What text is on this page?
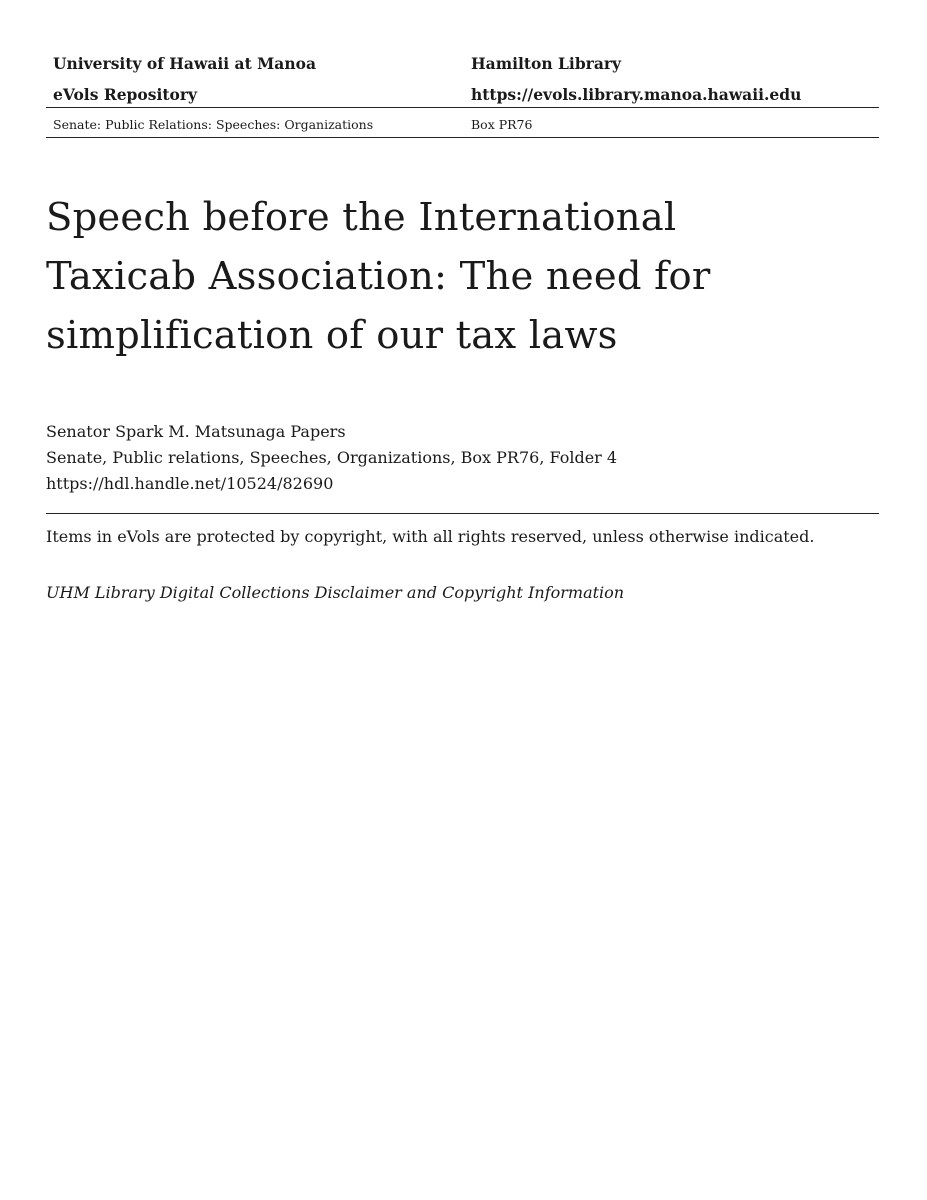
University of Hawaii at Manoa	Hamilton Library
eVols Repository	https://evols.library.manoa.hawaii.edu
Senate: Public Relations: Speeches: Organizations	Box PR76
Speech before the International Taxicab Association: The need for simplification of our tax laws
Senator Spark M. Matsunaga Papers
Senate, Public relations, Speeches, Organizations, Box PR76, Folder 4
https://hdl.handle.net/10524/82690
Items in eVols are protected by copyright, with all rights reserved, unless otherwise indicated.
UHM Library Digital Collections Disclaimer and Copyright Information
